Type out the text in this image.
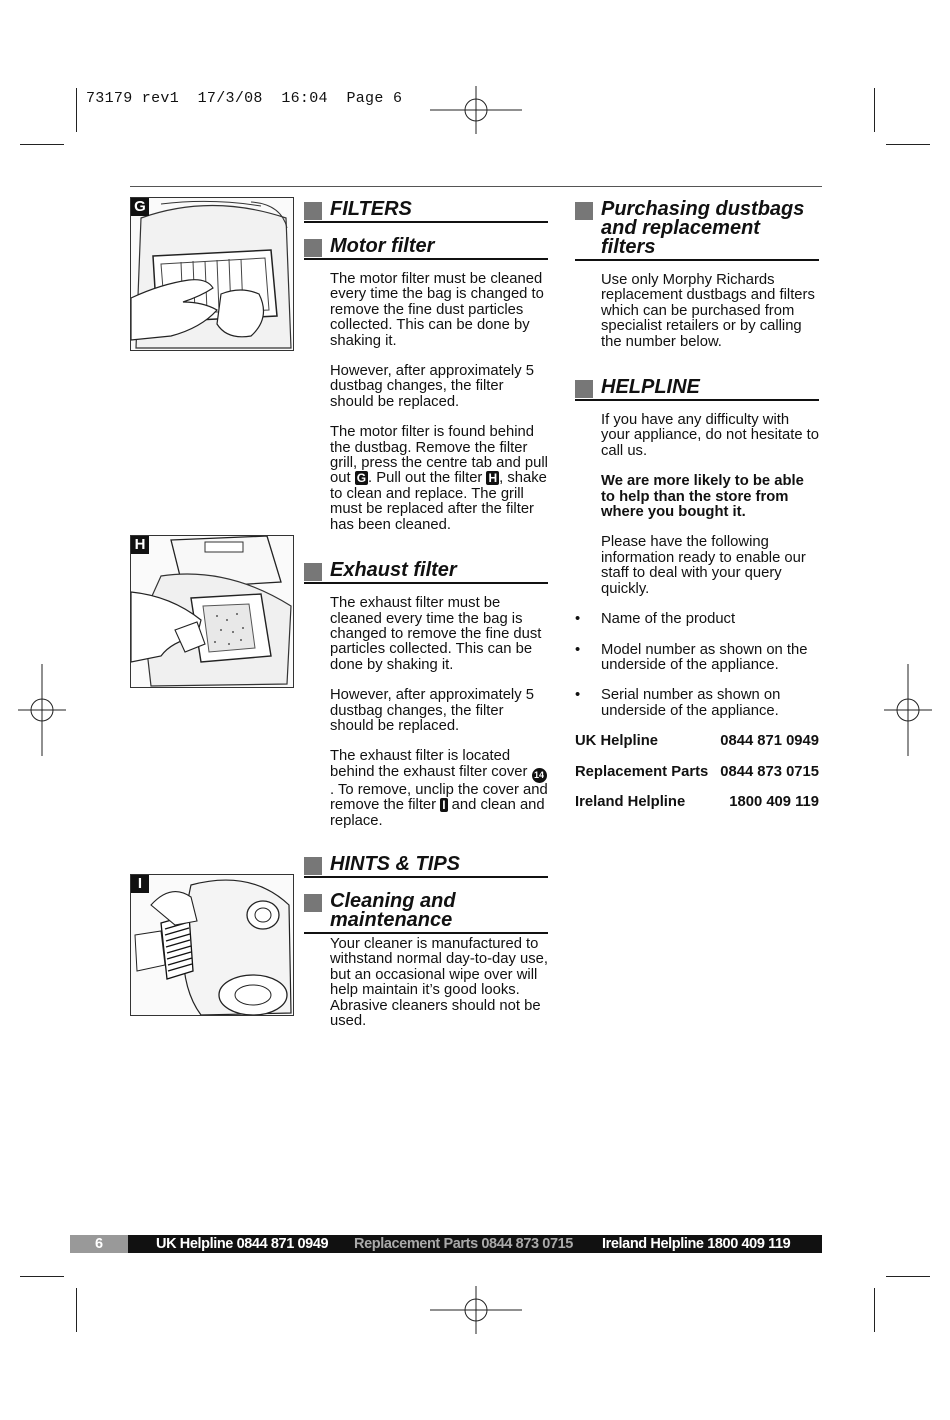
73179 rev1  17/3/08  16:04  Page 6
G
H
I
FILTERS
Motor filter

The motor filter must be cleaned every time the bag is changed to remove the fine dust particles collected. This can be done by shaking it.

However, after approximately 5 dustbag changes, the filter should be replaced.

The motor filter is found behind the dustbag. Remove the filter grill, press the centre tab and pull out G . Pull out the filter H , shake to clean and replace. The grill must be replaced after the filter has been cleaned.

Exhaust filter

The exhaust filter must be cleaned every time the bag is changed to remove the fine dust particles collected. This can be done by shaking it.

However, after approximately 5 dustbag changes, the filter should be replaced.

The exhaust filter is located behind the exhaust filter cover 14. To remove, unclip the cover and remove the filter I and clean and replace.

HINTS & TIPS
Cleaning and maintenance

Your cleaner is manufactured to withstand normal day-to-day use, but an occasional wipe over will help maintain it’s good looks. Abrasive cleaners should not be used.

Purchasing dustbags and replacement filters

Use only Morphy Richards replacement dustbags and filters which can be purchased from specialist retailers or by calling the number below.

HELPLINE

If you have any difficulty with your appliance, do not hesitate to call us.

We are more likely to be able to help than the store from where you bought it.

Please have the following information ready to enable our staff to deal with your query quickly.

• Name of the product
• Model number as shown on the underside of the appliance.
• Serial number as shown on underside of the appliance.
UK Helpline	0844 871 0949
Replacement Parts 0844 873 0715
Ireland Helpline	1800 409 119
6	UK Helpline 0844 871 0949 Replacement Parts 0844 873 0715 Ireland Helpline 1800 409 119
